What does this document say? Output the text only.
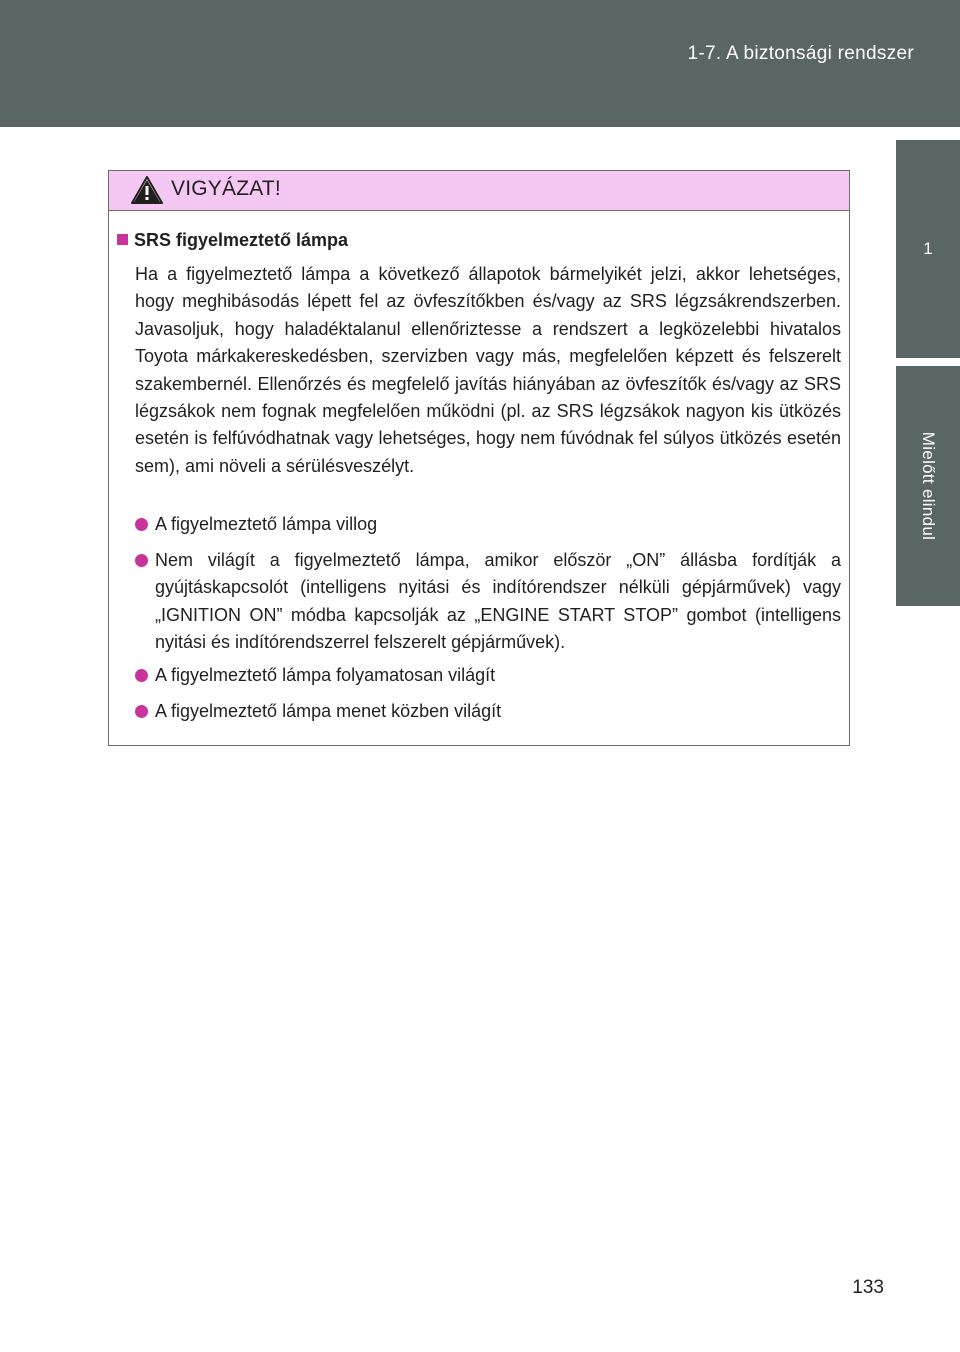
1-7. A biztonsági rendszer
1
Mielőtt elindul
VIGYÁZAT!
SRS figyelmeztető lámpa

Ha a figyelmeztető lámpa a következő állapotok bármelyikét jelzi, akkor lehetséges, hogy meghibásodás lépett fel az övfeszítőkben és/vagy az SRS légzsákrendszerben. Javasoljuk, hogy haladéktalanul ellenőriztesse a rendszert a legközelebbi hivatalos Toyota márkakereskedésben, szervizben vagy más, megfelelően képzett és felszerelt szakembernél. Ellenőrzés és megfelelő javítás hiányában az övfeszítők és/vagy az SRS légzsákok nem fognak megfelelően működni (pl. az SRS légzsákok nagyon kis ütközés esetén is felfúvódhatnak vagy lehetséges, hogy nem fúvódnak fel súlyos ütközés esetén sem), ami növeli a sérülésveszélyt.

A figyelmeztető lámpa villog
Nem világít a figyelmeztető lámpa, amikor először „ON” állásba fordítják a gyújtáskapcsolót (intelligens nyitási és indítórendszer nélküli gépjárművek) vagy „IGNITION ON” módba kapcsolják az „ENGINE START STOP” gombot (intelligens nyitási és indítórendszerrel felszerelt gépjárművek).
A figyelmeztető lámpa folyamatosan világít
A figyelmeztető lámpa menet közben világít
133
